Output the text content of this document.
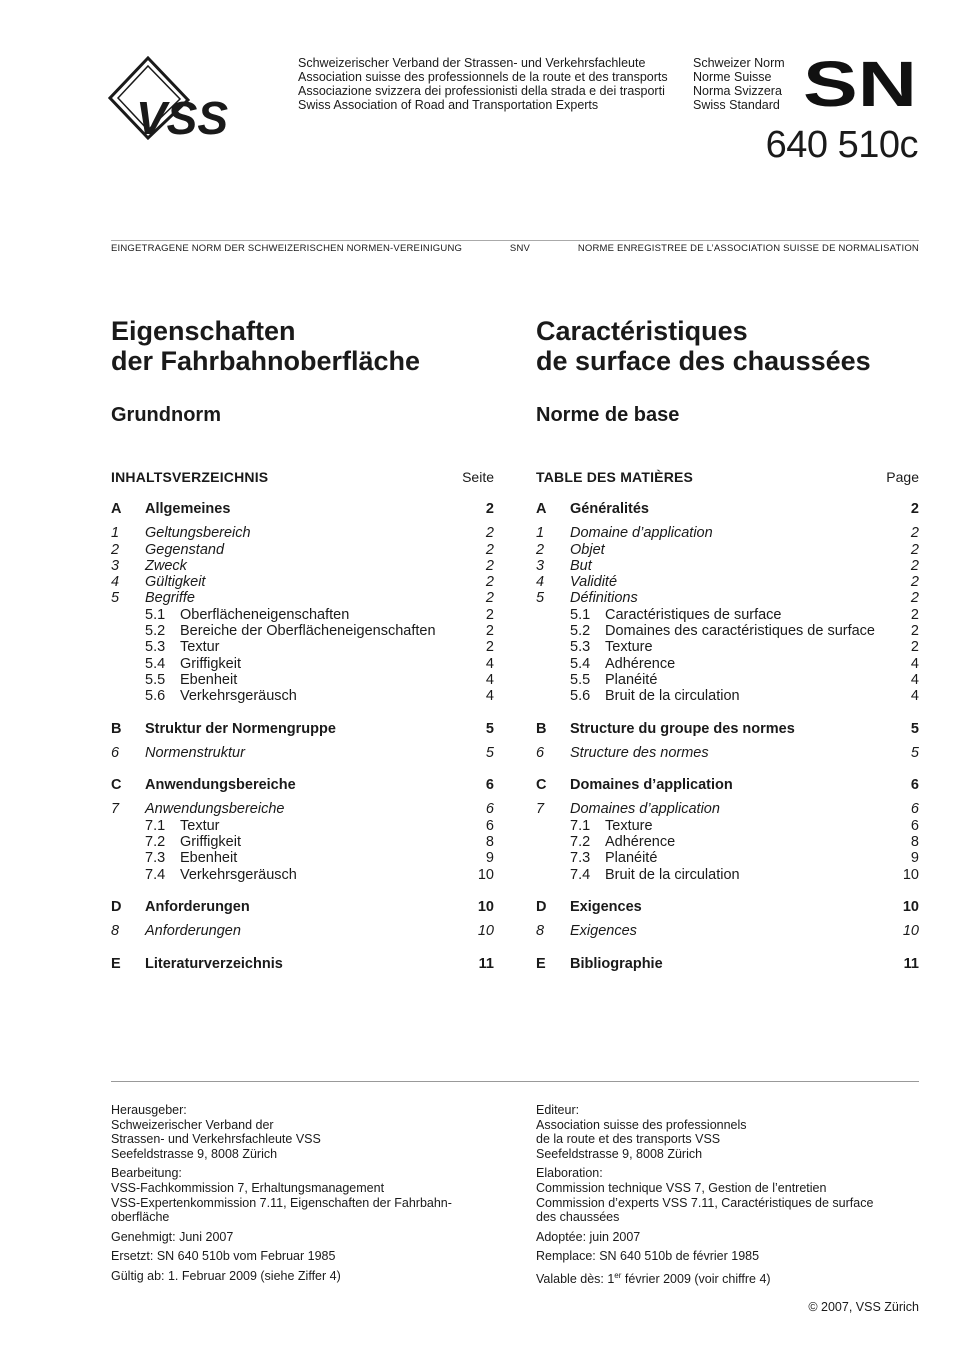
VSS
Schweizerischer Verband der Strassen- und Verkehrsfachleute
Association suisse des professionnels de la route et des transports
Associazione svizzera dei professionisti della strada e dei trasporti
Swiss Association of Road and Transportation Experts
Schweizer Norm
Norme Suisse
Norma Svizzera
Swiss Standard SN
640 510c
EINGETRAGENE NORM DER SCHWEIZERISCHEN NORMEN-VEREINIGUNG	SNV	NORME ENREGISTREE DE L’ASSOCIATION SUISSE DE NORMALISATION
Eigenschaften
der Fahrbahnoberfläche
Grundnorm
INHALTSVERZEICHNIS	Seite
A	Allgemeines	2
1	Geltungsbereich	2
2	Gegenstand	2
3	Zweck	2
4	Gültigkeit	2
5	Begriffe	2
5.1	Oberflächeneigenschaften	2
5.2	Bereiche der Oberflächeneigenschaften	2
5.3	Textur	2
5.4	Griffigkeit	4
5.5	Ebenheit	4
5.6	Verkehrsgeräusch	4
B	Struktur der Normengruppe	5
6	Normenstruktur	5
C	Anwendungsbereiche	6
7	Anwendungsbereiche	6
7.1	Textur	6
7.2	Griffigkeit	8
7.3	Ebenheit	9
7.4	Verkehrsgeräusch	10
D	Anforderungen	10
8	Anforderungen	10
E	Literaturverzeichnis	11
Caractéristiques
de surface des chaussées
Norme de base
TABLE DES MATIÈRES	Page
A	Généralités	2
1	Domaine d’application	2
2	Objet	2
3	But	2
4	Validité	2
5	Définitions	2
5.1	Caractéristiques de surface	2
5.2	Domaines des caractéristiques de surface	2
5.3	Texture	2
5.4	Adhérence	4
5.5	Planéité	4
5.6	Bruit de la circulation	4
B	Structure du groupe des normes	5
6	Structure des normes	5
C	Domaines d’application	6
7	Domaines d’application	6
7.1	Texture	6
7.2	Adhérence	8
7.3	Planéité	9
7.4	Bruit de la circulation	10
D	Exigences	10
8	Exigences	10
E	Bibliographie	11
Herausgeber:
Schweizerischer Verband der
Strassen- und Verkehrsfachleute VSS
Seefeldstrasse 9, 8008 Zürich
Bearbeitung:
VSS-Fachkommission 7, Erhaltungsmanagement
VSS-Expertenkommission 7.11, Eigenschaften der Fahrbahn-
oberfläche
Genehmigt: Juni 2007
Ersetzt: SN 640 510b vom Februar 1985
Gültig ab: 1. Februar 2009 (siehe Ziffer 4)
Editeur:
Association suisse des professionnels
de la route et des transports VSS
Seefeldstrasse 9, 8008 Zürich
Elaboration:
Commission technique VSS 7, Gestion de l’entretien
Commission d’experts VSS 7.11, Caractéristiques de surface
des chaussées
Adoptée: juin 2007
Remplace: SN 640 510b de février 1985
Valable dès: 1er février 2009 (voir chiffre 4)
© 2007, VSS Zürich
